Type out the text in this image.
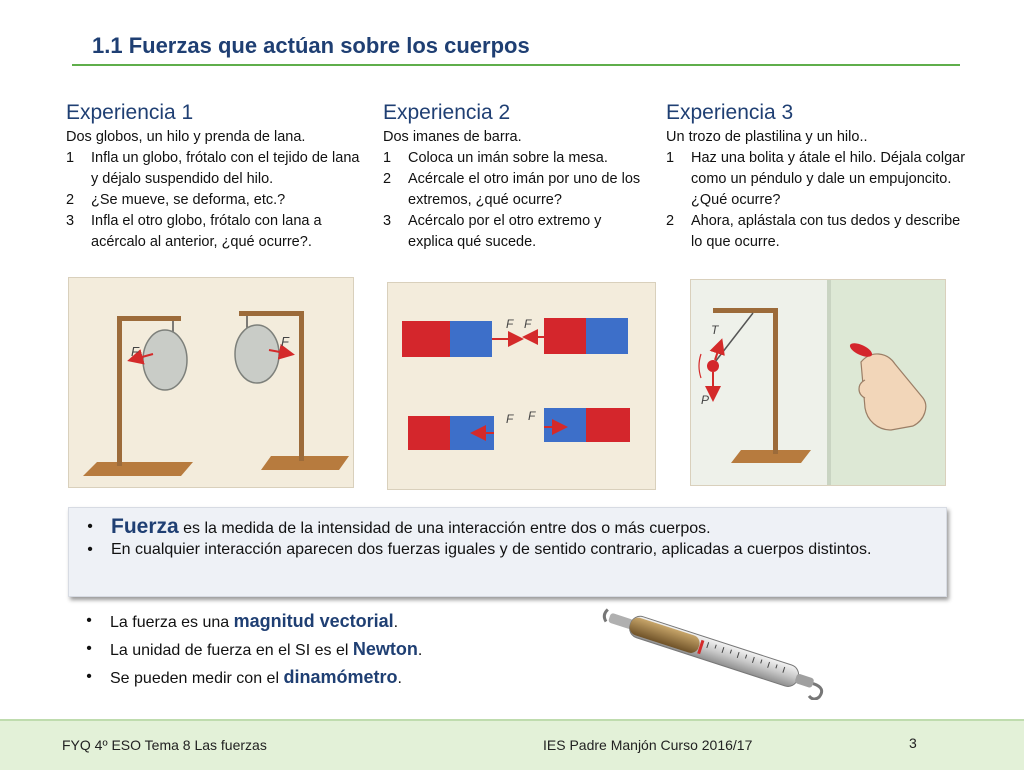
1.1 Fuerzas que actúan sobre los cuerpos
Experiencia 1

Dos globos, un hilo y prenda de lana.

1	Infla un globo, frótalo con el tejido de lana y déjalo suspendido del hilo.
2	¿Se mueve, se deforma, etc.?
3	Infla el otro globo, frótalo con lana a acércalo al anterior, ¿qué ocurre?.
Experiencia 2

Dos imanes de barra.

1	Coloca un imán sobre la mesa.
2	Acércale el otro imán por uno de los extremos, ¿qué ocurre?
3	Acércalo por el otro extremo y explica qué sucede.
Experiencia 3

Un trozo de plastilina y un hilo..

1	Haz una bolita y átale el hilo. Déjala colgar como un péndulo y dale un empujoncito. ¿Qué ocurre?
2	Ahora, aplástala con tus dedos y describe lo que ocurre.
F
F
F F
F F
T
P
• Fuerza es la medida de la intensidad de una interacción entre dos o más cuerpos.
•	En cualquier interacción aparecen dos fuerzas iguales y de sentido contrario, aplicadas a cuerpos distintos.
•	La fuerza es una magnitud vectorial.
•	La unidad de fuerza en el SI es el Newton.
•	Se pueden medir con el dinamómetro.
FYQ 4º ESO Tema 8 Las fuerzas	IES Padre Manjón Curso 2016/17	3
